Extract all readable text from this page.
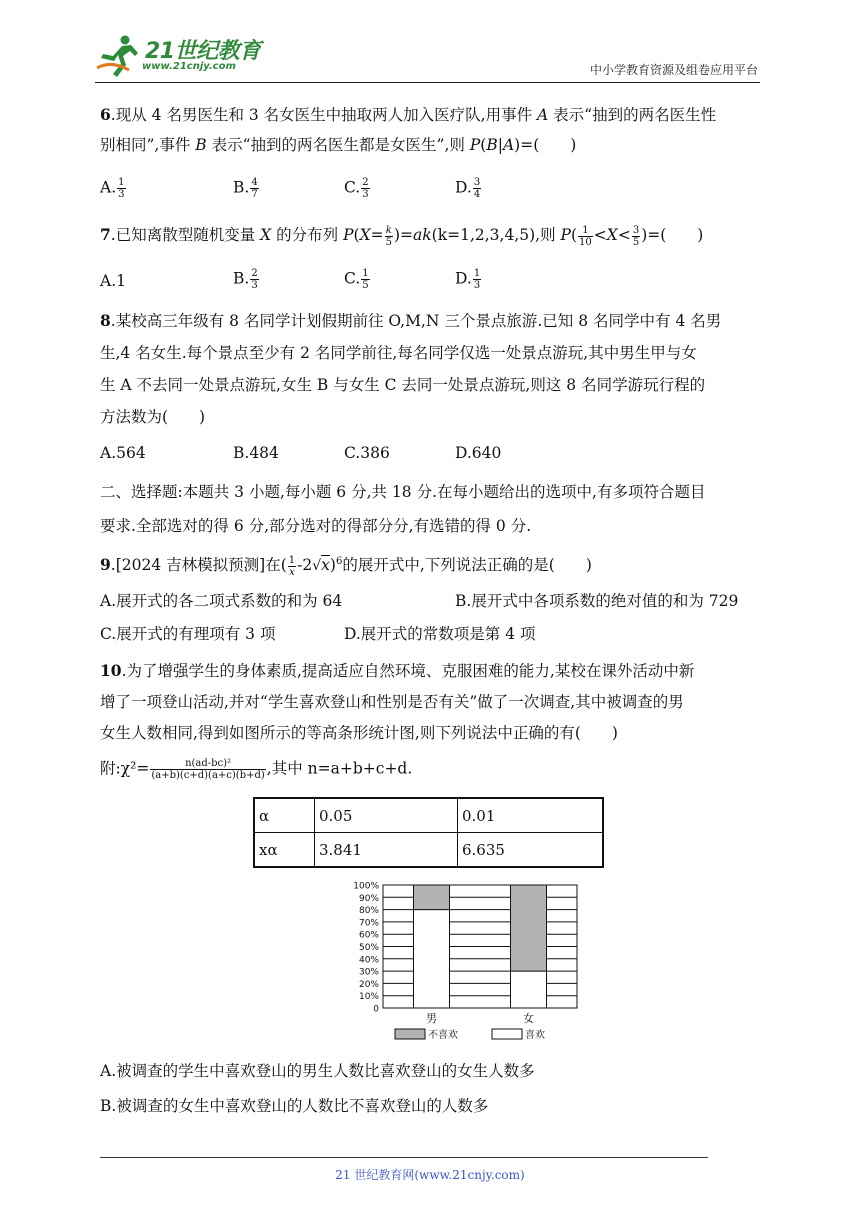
21世纪教育
www.21cnjy.com	中小学教育资源及组卷应用平台
6.现从 4 名男医生和 3 名女医生中抽取两人加入医疗队,用事件 A 表示“抽到的两名医生性
别相同”,事件 B 表示“抽到的两名医生都是女医生”,则 P(B|A)=(　　)
A. $\frac{1}{3}$	B. $\frac{4}{7}$	C. $\frac{2}{3}$	D. $\frac{3}{4}$
7.已知离散型随机变量 X 的分布列 $P(X= \frac{k}{5} )=ak(k=1,2,3,4,5)$,则 $P( \frac{1}{10} <X< \frac{3}{5}$ )=(　　)
A.1	B. $\frac{2}{3}$	C. $\frac{1}{5}$	D. $\frac{1}{3}$
8.某校高三年级有 8 名同学计划假期前往 O,M,N 三个景点旅游.已知 8 名同学中有 4 名男
生,4 名女生.每个景点至少有 2 名同学前往,每名同学仅选一处景点游玩,其中男生甲与女
生 A 不去同一处景点游玩,女生 B 与女生 C 去同一处景点游玩,则这 8 名同学游玩行程的
方法数为(　　)
A.564	B.484	C.386	D.640
二、选择题:本题共 3 小题,每小题 6 分,共 18 分.在每小题给出的选项中,有多项符合题目
要求.全部选对的得 6 分,部分选对的得部分分,有选错的得 0 分.
9.[2024 吉林模拟预测]在( $\frac{1}{x} -2√x)^6$的展开式中,下列说法正确的是(　　)
A.展开式的各二项式系数的和为 64	B.展开式中各项系数的绝对值的和为 729
C.展开式的有理项有 3 项	D.展开式的常数项是第 4 项
10.为了增强学生的身体素质,提高适应自然环境、克服困难的能力,某校在课外活动中新
增了一项登山活动,并对“学生喜欢登山和性别是否有关”做了一次调查,其中被调查的男
女生人数相同,得到如图所示的等高条形统计图,则下列说法中正确的有(　　)
附:χ²= $\frac{\text{n(ad-bc)²}}{(a+b)(c+d)(a+c)(b+d)}$ ,其中 n=a+b+c+d.
α	0.05	0.01
xα	3.841	6.635
0
10%
20%
30%
40%
50%
60%
70%
80%
90%
100%
男	女
不喜欢	喜欢
A.被调查的学生中喜欢登山的男生人数比喜欢登山的女生人数多
B.被调查的女生中喜欢登山的人数比不喜欢登山的人数多
21 世纪教育网(www.21cnjy.com)
